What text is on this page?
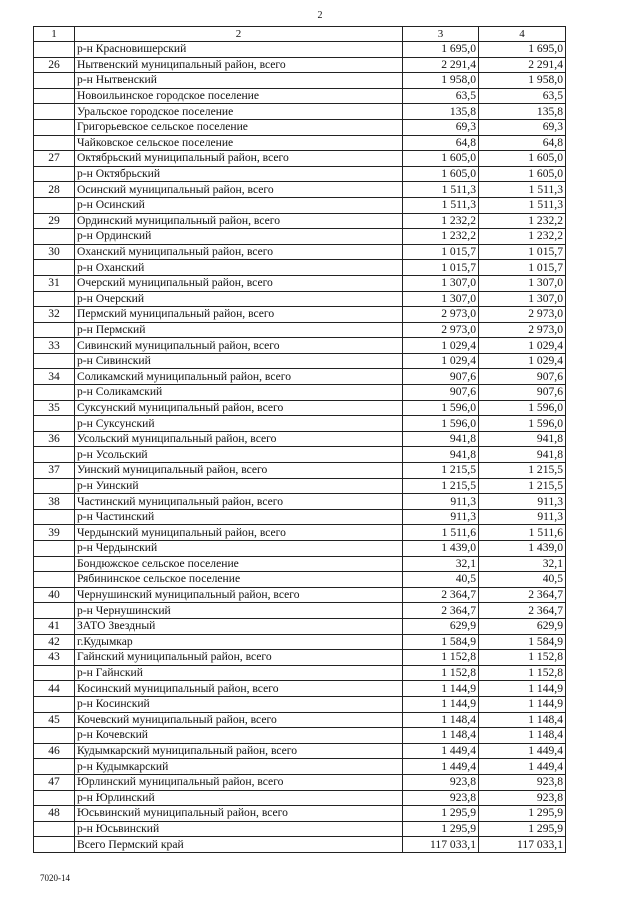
2
1	2	3	4
	р-н Красновишерский	1 695,0	1 695,0
26	Нытвенский муниципальный район, всего	2 291,4	2 291,4
	р-н Нытвенский	1 958,0	1 958,0
	Новоильинское городское поселение	63,5	63,5
	Уральское городское поселение	135,8	135,8
	Григорьевское сельское поселение	69,3	69,3
	Чайковское сельское поселение	64,8	64,8
27	Октябрьский муниципальный район, всего	1 605,0	1 605,0
	р-н Октябрьский	1 605,0	1 605,0
28	Осинский муниципальный район, всего	1 511,3	1 511,3
	р-н Осинский	1 511,3	1 511,3
29	Ординский муниципальный район, всего	1 232,2	1 232,2
	р-н Ординский	1 232,2	1 232,2
30	Оханский муниципальный район, всего	1 015,7	1 015,7
	р-н Оханский	1 015,7	1 015,7
31	Очерский муниципальный район, всего	1 307,0	1 307,0
	р-н Очерский	1 307,0	1 307,0
32	Пермский муниципальный район, всего	2 973,0	2 973,0
	р-н Пермский	2 973,0	2 973,0
33	Сивинский муниципальный район, всего	1 029,4	1 029,4
	р-н Сивинский	1 029,4	1 029,4
34	Соликамский муниципальный район, всего	907,6	907,6
	р-н Соликамский	907,6	907,6
35	Суксунский муниципальный район, всего	1 596,0	1 596,0
	р-н Суксунский	1 596,0	1 596,0
36	Усольский муниципальный район, всего	941,8	941,8
	р-н Усольский	941,8	941,8
37	Уинский муниципальный район, всего	1 215,5	1 215,5
	р-н Уинский	1 215,5	1 215,5
38	Частинский муниципальный район, всего	911,3	911,3
	р-н Частинский	911,3	911,3
39	Чердынский муниципальный район, всего	1 511,6	1 511,6
	р-н Чердынский	1 439,0	1 439,0
	Бондюжское сельское поселение	32,1	32,1
	Рябининское сельское поселение	40,5	40,5
40	Чернушинский муниципальный район, всего	2 364,7	2 364,7
	р-н Чернушинский	2 364,7	2 364,7
41	ЗАТО Звездный	629,9	629,9
42	г.Кудымкар	1 584,9	1 584,9
43	Гайнский муниципальный район, всего	1 152,8	1 152,8
	р-н Гайнский	1 152,8	1 152,8
44	Косинский муниципальный район, всего	1 144,9	1 144,9
	р-н Косинский	1 144,9	1 144,9
45	Кочевский муниципальный район, всего	1 148,4	1 148,4
	р-н Кочевский	1 148,4	1 148,4
46	Кудымкарский муниципальный район, всего	1 449,4	1 449,4
	р-н Кудымкарский	1 449,4	1 449,4
47	Юрлинский муниципальный район, всего	923,8	923,8
	р-н Юрлинский	923,8	923,8
48	Юсьвинский муниципальный район, всего	1 295,9	1 295,9
	р-н Юсьвинский	1 295,9	1 295,9
	Всего Пермский край	117 033,1	117 033,1
7020-14
